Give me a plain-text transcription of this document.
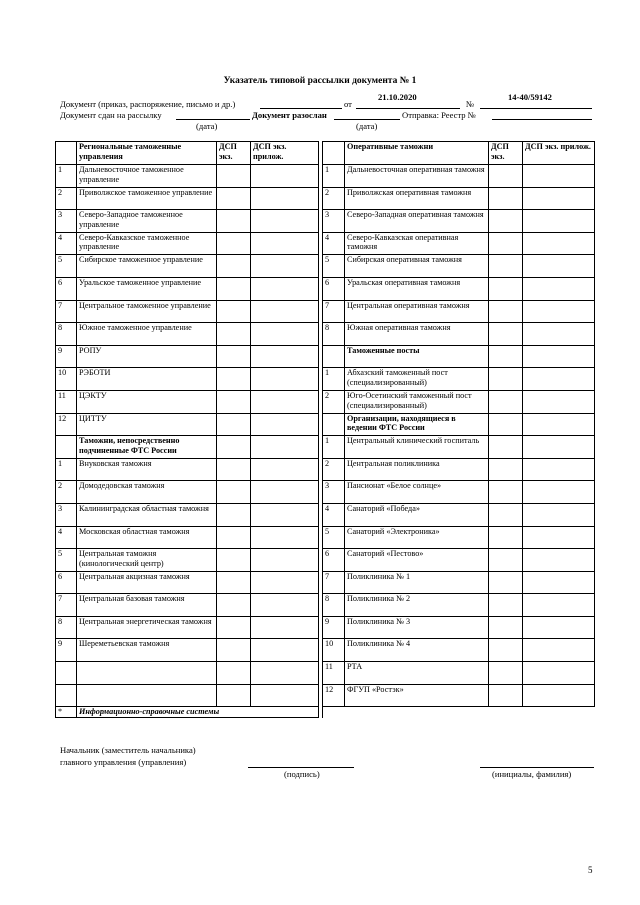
Указатель типовой рассылки документа № 1
Документ (приказ, распоряжение, письмо и др.)	от
21.10.2020
№
14-40/59142
Документ сдан на рассылку	Документ разослан	Отправка: Реестр №
(дата)	(дата)
	Региональные таможенные управления	ДСП экз.	ДСП экз. прилож.			Оперативные таможни	ДСП экз.	ДСП экз. прилож.
1	Дальневосточное таможенное управление				1	Дальневосточная оперативная таможня		
2	Приволжское таможенное управление				2	Приволжская оперативная таможня		
3	Северо-Западное таможенное управление				3	Северо-Западная оперативная таможня		
4	Северо-Кавказское таможенное управление				4	Северо-Кавказская оперативная таможня		
5	Сибирское таможенное управление				5	Сибирская оперативная таможня		
6	Уральское таможенное управление				6	Уральская оперативная таможня		
7	Центральное таможенное управление				7	Центральная оперативная таможня		
8	Южное таможенное управление				8	Южная оперативная таможня		
9	РОПУ					Таможенные посты		
10	РЭБОТИ				1	Абхазский таможенный пост (специализированный)		
11	ЦЭКТУ				2	Юго-Осетинский таможенный пост (специализированный)		
12	ЦИТТУ					Организации, находящиеся в ведении ФТС России		
	Таможни, непосредственно подчиненные ФТС России				1	Центральный клинический госпиталь		
1	Внуковская таможня				2	Центральная поликлиника		
2	Домодедовская таможня				3	Пансионат «Белое солнце»		
3	Калининградская областная таможня				4	Санаторий «Победа»		
4	Московская областная таможня				5	Санаторий «Электроника»		
5	Центральная таможня (кинологический центр)				6	Санаторий «Пестово»		
6	Центральная акцизная таможня				7	Поликлиника № 1		
7	Центральная базовая таможня				8	Поликлиника № 2		
8	Центральная энергетическая таможня				9	Поликлиника № 3		
9	Шереметьевская таможня				10	Поликлиника № 4		
					11	РТА		
					12	ФГУП «Ростэк»		
*	Информационно-справочные системы							
Начальник (заместитель начальника)
главного управления (управления)
(подпись)	(инициалы, фамилия)
5
